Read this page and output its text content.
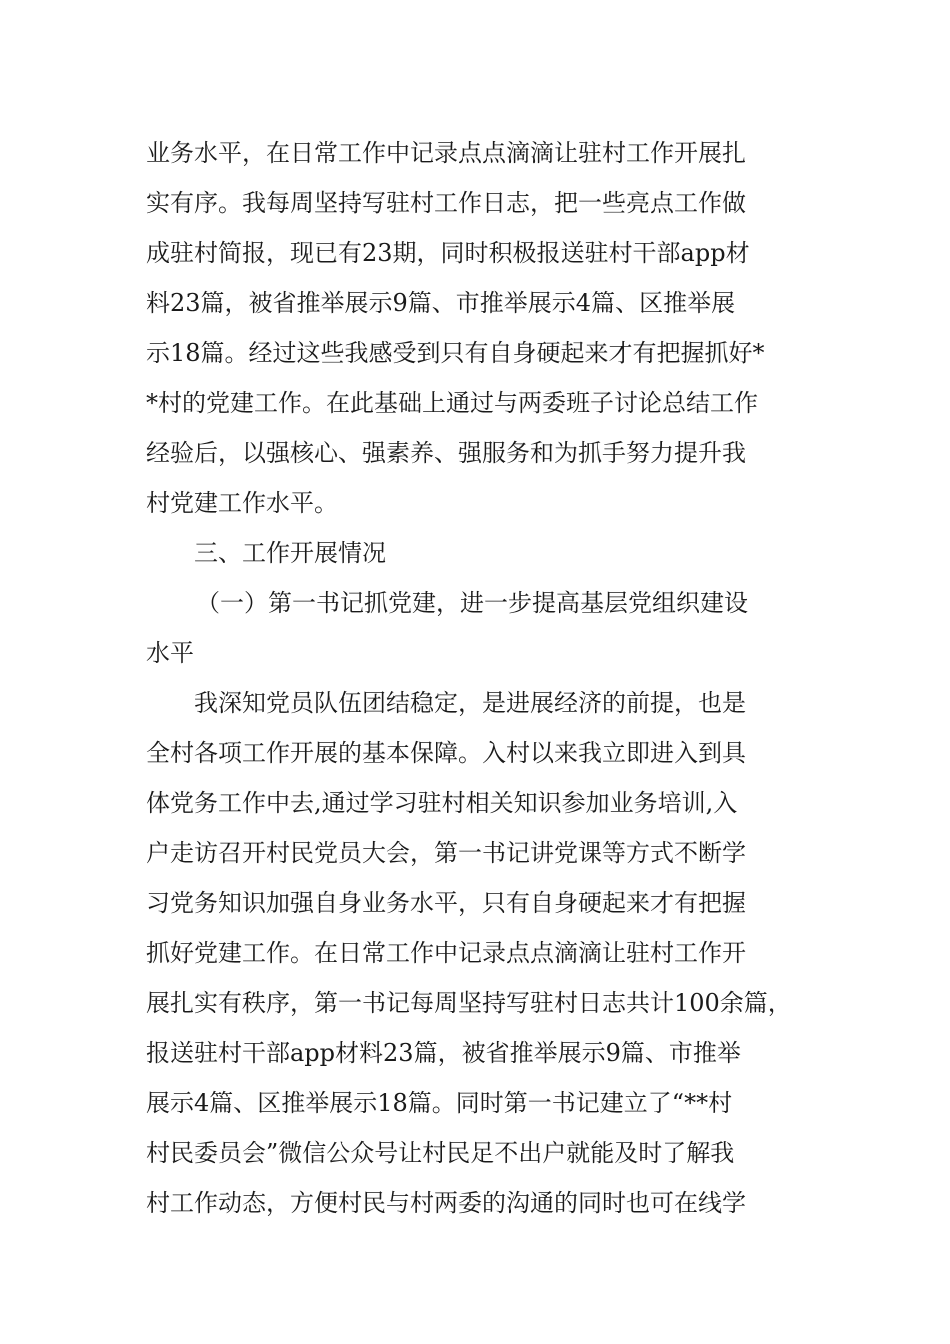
业务水平，在日常工作中记录点点滴滴让驻村工作开展扎
实有序。我每周坚持写驻村工作日志，把一些亮点工作做
成驻村简报，现已有23期，同时积极报送驻村干部app材
料23篇，被省推举展示9篇、市推举展示4篇、区推举展
示18篇。经过这些我感受到只有自身硬起来才有把握抓好*
*村的党建工作。在此基础上通过与两委班子讨论总结工作
经验后，以强核心、强素养、强服务和为抓手努力提升我
村党建工作水平。
三、工作开展情况
（一）第一书记抓党建，进一步提高基层党组织建设
水平
我深知党员队伍团结稳定，是进展经济的前提，也是
全村各项工作开展的基本保障。入村以来我立即进入到具
体党务工作中去,通过学习驻村相关知识参加业务培训,入
户走访召开村民党员大会，第一书记讲党课等方式不断学
习党务知识加强自身业务水平，只有自身硬起来才有把握
抓好党建工作。在日常工作中记录点点滴滴让驻村工作开
展扎实有秩序，第一书记每周坚持写驻村日志共计100余篇，
报送驻村干部app材料23篇，被省推举展示9篇、市推举
展示4篇、区推举展示18篇。同时第一书记建立了“**村
村民委员会”微信公众号让村民足不出户就能及时了解我
村工作动态，方便村民与村两委的沟通的同时也可在线学
